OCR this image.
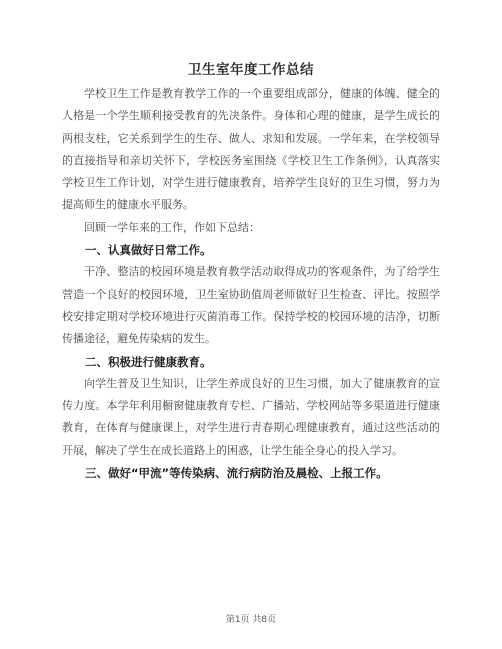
卫生室年度工作总结

学校卫生工作是教育教学工作的一个重要组成部分，健康的体魄、健全的人格是一个学生顺利接受教育的先决条件。身体和心理的健康，是学生成长的两根支柱，它关系到学生的生存、做人、求知和发展。一学年来，在学校领导的直接指导和亲切关怀下，学校医务室围绕《学校卫生工作条例》，认真落实学校卫生工作计划，对学生进行健康教育，培养学生良好的卫生习惯，努力为提高师生的健康水平服务。

回顾一学年来的工作，作如下总结：

一、认真做好日常工作。

干净、整洁的校园环境是教育教学活动取得成功的客观条件，为了给学生营造一个良好的校园环境，卫生室协助值周老师做好卫生检查、评比。按照学校安排定期对学校环境进行灭菌消毒工作。保持学校的校园环境的洁净，切断传播途径，避免传染病的发生。

二、积极进行健康教育。

向学生普及卫生知识，让学生养成良好的卫生习惯，加大了健康教育的宣传力度。本学年利用橱窗健康教育专栏、广播站、学校网站等多渠道进行健康教育，在体育与健康课上，对学生进行青春期心理健康教育，通过这些活动的开展，解决了学生在成长道路上的困惑，让学生能全身心的投入学习。

三、做好“甲流”等传染病、流行病防治及晨检、上报工作。

第1页 共8页
